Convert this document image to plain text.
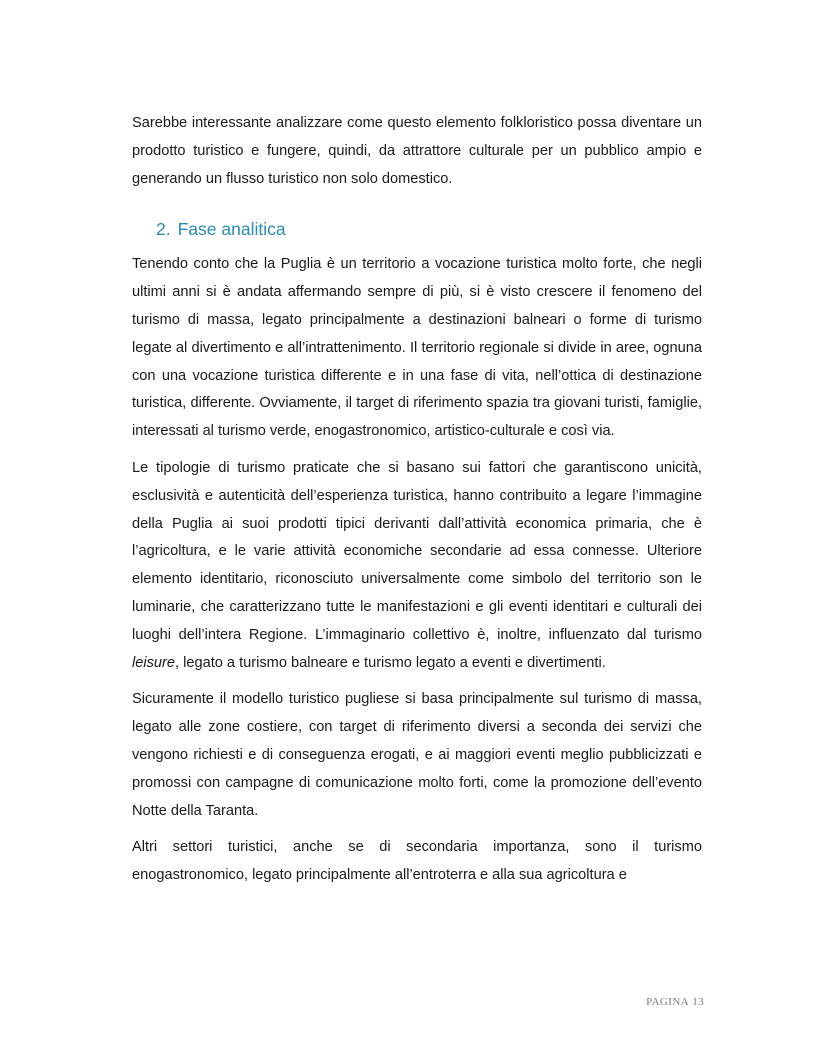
Sarebbe interessante analizzare come questo elemento folkloristico possa diventare un prodotto turistico e fungere, quindi, da attrattore culturale per un pubblico ampio e generando un flusso turistico non solo domestico.

2. Fase analitica

Tenendo conto che la Puglia è un territorio a vocazione turistica molto forte, che negli ultimi anni si è andata affermando sempre di più, si è visto crescere il fenomeno del turismo di massa, legato principalmente a destinazioni balneari o forme di turismo legate al divertimento e all’intrattenimento. Il territorio regionale si divide in aree, ognuna con una vocazione turistica differente e in una fase di vita, nell’ottica di destinazione turistica, differente. Ovviamente, il target di riferimento spazia tra giovani turisti, famiglie, interessati al turismo verde, enogastronomico, artistico-culturale e così via.

Le tipologie di turismo praticate che si basano sui fattori che garantiscono unicità, esclusività e autenticità dell’esperienza turistica, hanno contribuito a legare l’immagine della Puglia ai suoi prodotti tipici derivanti dall’attività economica primaria, che è l’agricoltura, e le varie attività economiche secondarie ad essa connesse. Ulteriore elemento identitario, riconosciuto universalmente come simbolo del territorio son le luminarie, che caratterizzano tutte le manifestazioni e gli eventi identitari e culturali dei luoghi dell’intera Regione. L’immaginario collettivo è, inoltre, influenzato dal turismo leisure, legato a turismo balneare e turismo legato a eventi e divertimenti.

Sicuramente il modello turistico pugliese si basa principalmente sul turismo di massa, legato alle zone costiere, con target di riferimento diversi a seconda dei servizi che vengono richiesti e di conseguenza erogati, e ai maggiori eventi meglio pubblicizzati e promossi con campagne di comunicazione molto forti, come la promozione dell’evento Notte della Taranta.

Altri settori turistici, anche se di secondaria importanza, sono il turismo enogastronomico, legato principalmente all’entroterra e alla sua agricoltura e

PAGINA 13
